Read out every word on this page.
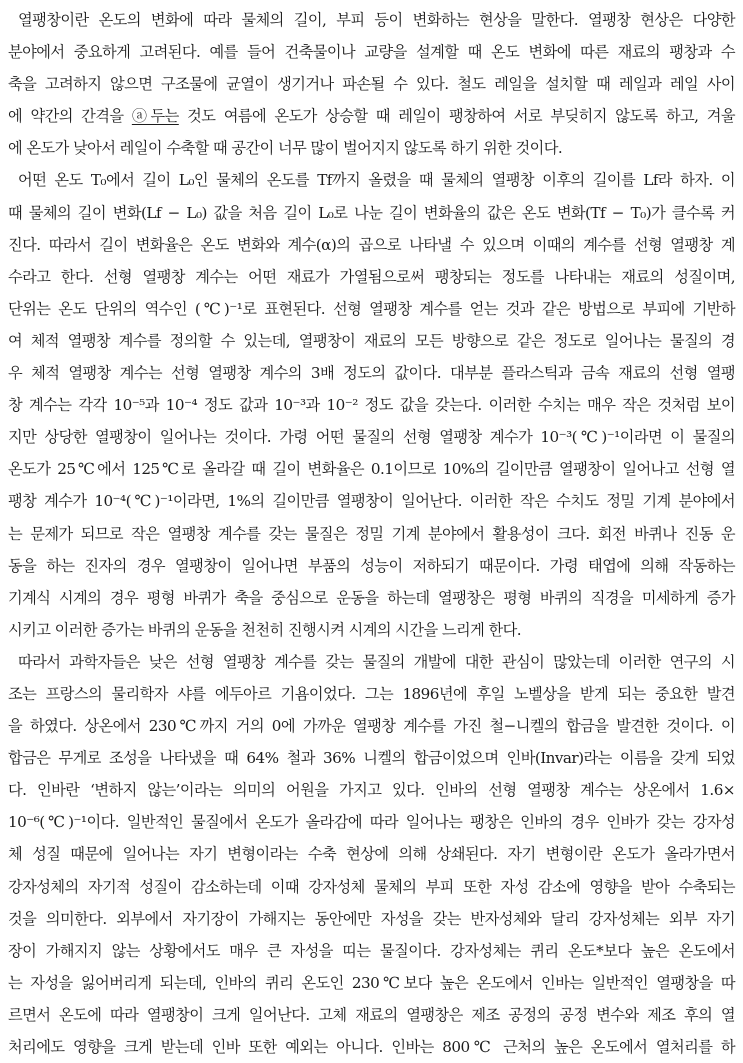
열팽창이란 온도의 변화에 따라 물체의 길이, 부피 등이 변화하는 현상을 말한다. 열팽창 현상은 다양한
분야에서 중요하게 고려된다. 예를 들어 건축물이나 교량을 설계할 때 온도 변화에 따른 재료의 팽창과 수
축을 고려하지 않으면 구조물에 균열이 생기거나 파손될 수 있다. 철도 레일을 설치할 때 레일과 레일 사이
에 약간의 간격을 ⓐ두는 것도 여름에 온도가 상승할 때 레일이 팽창하여 서로 부딪히지 않도록 하고, 겨울
에 온도가 낮아서 레일이 수축할 때 공간이 너무 많이 벌어지지 않도록 하기 위한 것이다.
어떤 온도 T₀에서 길이 L₀인 물체의 온도를 Tf까지 올렸을 때 물체의 열팽창 이후의 길이를 Lf라 하자. 이
때 물체의 길이 변화(Lf − L₀) 값을 처음 길이 L₀로 나눈 길이 변화율의 값은 온도 변화(Tf − T₀)가 클수록 커
진다. 따라서 길이 변화율은 온도 변화와 계수(α)의 곱으로 나타낼 수 있으며 이때의 계수를 선형 열팽창 계
수라고 한다. 선형 열팽창 계수는 어떤 재료가 가열됨으로써 팽창되는 정도를 나타내는 재료의 성질이며,
단위는 온도 단위의 역수인 (℃)⁻¹로 표현된다. 선형 열팽창 계수를 얻는 것과 같은 방법으로 부피에 기반하
여 체적 열팽창 계수를 정의할 수 있는데, 열팽창이 재료의 모든 방향으로 같은 정도로 일어나는 물질의 경
우 체적 열팽창 계수는 선형 열팽창 계수의 3배 정도의 값이다. 대부분 플라스틱과 금속 재료의 선형 열팽
창 계수는 각각 10⁻⁵과 10⁻⁴ 정도 값과 10⁻³과 10⁻² 정도 값을 갖는다. 이러한 수치는 매우 작은 것처럼 보이
지만 상당한 열팽창이 일어나는 것이다. 가령 어떤 물질의 선형 열팽창 계수가 10⁻³(℃)⁻¹이라면 이 물질의
온도가 25℃에서 125℃로 올라갈 때 길이 변화율은 0.1이므로 10%의 길이만큼 열팽창이 일어나고 선형 열
팽창 계수가 10⁻⁴(℃)⁻¹이라면, 1%의 길이만큼 열팽창이 일어난다. 이러한 작은 수치도 정밀 기계 분야에서
는 문제가 되므로 작은 열팽창 계수를 갖는 물질은 정밀 기계 분야에서 활용성이 크다. 회전 바퀴나 진동 운
동을 하는 진자의 경우 열팽창이 일어나면 부품의 성능이 저하되기 때문이다. 가령 태엽에 의해 작동하는
기계식 시계의 경우 평형 바퀴가 축을 중심으로 운동을 하는데 열팽창은 평형 바퀴의 직경을 미세하게 증가
시키고 이러한 증가는 바퀴의 운동을 천천히 진행시켜 시계의 시간을 느리게 한다.
따라서 과학자들은 낮은 선형 열팽창 계수를 갖는 물질의 개발에 대한 관심이 많았는데 이러한 연구의 시
조는 프랑스의 물리학자 샤를 에두아르 기욤이었다. 그는 1896년에 후일 노벨상을 받게 되는 중요한 발견
을 하였다. 상온에서 230℃까지 거의 0에 가까운 열팽창 계수를 가진 철−니켈의 합금을 발견한 것이다. 이
합금은 무게로 조성을 나타냈을 때 64% 철과 36% 니켈의 합금이었으며 인바(Invar)라는 이름을 갖게 되었
다. 인바란 ‘변하지 않는’이라는 의미의 어원을 가지고 있다. 인바의 선형 열팽창 계수는 상온에서 1.6×
10⁻⁶(℃)⁻¹이다. 일반적인 물질에서 온도가 올라감에 따라 일어나는 팽창은 인바의 경우 인바가 갖는 강자성
체 성질 때문에 일어나는 자기 변형이라는 수축 현상에 의해 상쇄된다. 자기 변형이란 온도가 올라가면서
강자성체의 자기적 성질이 감소하는데 이때 강자성체 물체의 부피 또한 자성 감소에 영향을 받아 수축되는
것을 의미한다. 외부에서 자기장이 가해지는 동안에만 자성을 갖는 반자성체와 달리 강자성체는 외부 자기
장이 가해지지 않는 상황에서도 매우 큰 자성을 띠는 물질이다. 강자성체는 퀴리 온도*보다 높은 온도에서
는 자성을 잃어버리게 되는데, 인바의 퀴리 온도인 230℃보다 높은 온도에서 인바는 일반적인 열팽창을 따
르면서 온도에 따라 열팽창이 크게 일어난다. 고체 재료의 열팽창은 제조 공정의 공정 변수와 제조 후의 열
처리에도 영향을 크게 받는데 인바 또한 예외는 아니다. 인바는 800℃ 근처의 높은 온도에서 열처리를 하
